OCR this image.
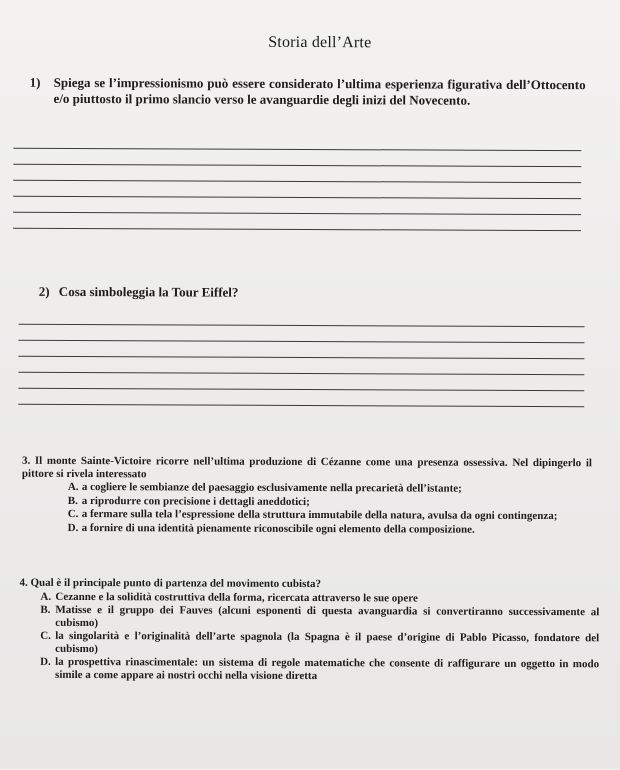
Storia dell’Arte
1) Spiega se l’impressionismo può essere considerato l’ultima esperienza figurativa dell’Ottocento e/o piuttosto il primo slancio verso le avanguardie degli inizi del Novecento.
2) Cosa simboleggia la Tour Eiffel?
3. Il monte Sainte-Victoire ricorre nell’ultima produzione di Cézanne come una presenza ossessiva. Nel dipingerlo il pittore si rivela interessato
A. a cogliere le sembianze del paesaggio esclusivamente nella precarietà dell’istante;
B. a riprodurre con precisione i dettagli aneddotici;
C. a fermare sulla tela l’espressione della struttura immutabile della natura, avulsa da ogni contingenza;
D. a fornire di una identità pienamente riconoscibile ogni elemento della composizione.
4. Qual è il principale punto di partenza del movimento cubista?
A. Cezanne e la solidità costruttiva della forma, ricercata attraverso le sue opere
B. Matisse e il gruppo dei Fauves (alcuni esponenti di questa avanguardia si convertiranno successivamente al cubismo)
C. la singolarità e l’originalità dell’arte spagnola (la Spagna è il paese d’origine di Pablo Picasso, fondatore del cubismo)
D. la prospettiva rinascimentale: un sistema di regole matematiche che consente di raffigurare un oggetto in modo simile a come appare ai nostri occhi nella visione diretta
